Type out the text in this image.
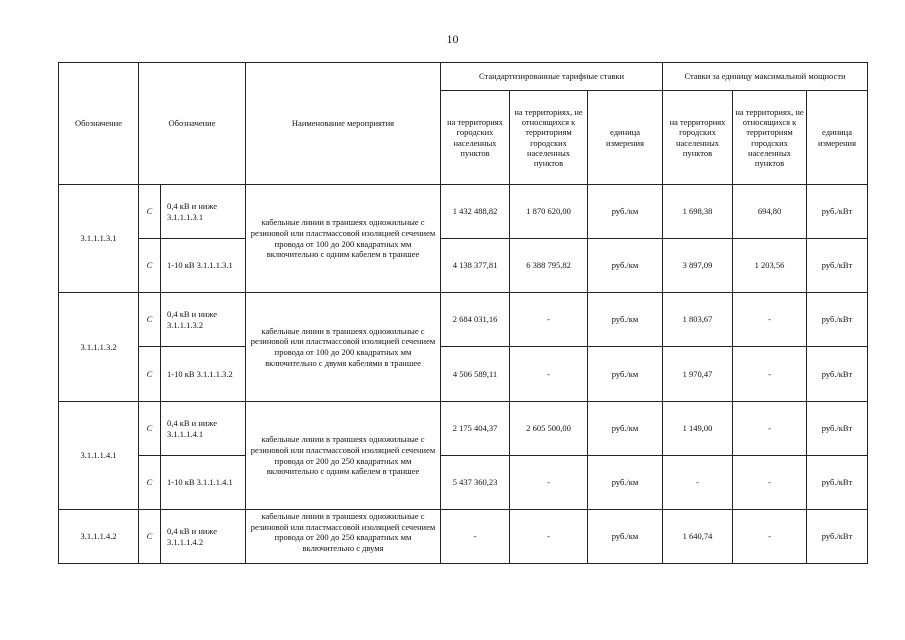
10
Обозначение	Обозначение		Наименование мероприятия	Стандартизированные тарифные ставки			Ставки за единицу максимальной мощности		
				на территориях городских населенных пунктов	на территориях, не относящихся к территориям городских населенных пунктов	единица измерения	на территориях городских населенных пунктов	на территориях, не относящихся к территориям городских населенных пунктов	единица измерения
3.1.1.1.3.1	С	0,4 кВ и ниже 3.1.1.1.3.1	кабельные линии в траншеях одножильные с резиновой или пластмассовой изоляцией сечением провода от 100 до 200 квадратных мм включительно с одним кабелем в траншее	1 432 488,82	1 870 620,00	руб./км	1 698,38	694,80	руб./кВт
	С	1-10 кВ 3.1.1.1.3.1		4 138 377,81	6 388 795,82	руб./км	3 897,09	1 203,56	руб./кВт
3.1.1.1.3.2	С	0,4 кВ и ниже 3.1.1.1.3.2	кабельные линии в траншеях одножильные с резиновой или пластмассовой изоляцией сечением провода от 100 до 200 квадратных мм включительно с двумя кабелями в траншее	2 684 031,16	-	руб./км	1 803,67	-	руб./кВт
	С	1-10 кВ 3.1.1.1.3.2		4 506 589,11	-	руб./км	1 970,47	-	руб./кВт
3.1.1.1.4.1	С	0,4 кВ и ниже 3.1.1.1.4.1	кабельные линии в траншеях одножильные с резиновой или пластмассовой изоляцией сечением провода от 200 до 250 квадратных мм включительно с одним кабелем в траншее	2 175 404,37	2 605 500,00	руб./км	1 149,00	-	руб./кВт
	С	1-10 кВ 3.1.1.1.4.1		5 437 360,23	-	руб./км	-	-	руб./кВт
3.1.1.1.4.2	С	0,4 кВ и ниже 3.1.1.1.4.2	кабельные линии в траншеях одножильные с резиновой или пластмассовой изоляцией сечением провода от 200 до 250 квадратных мм включительно с двумя	-	-	руб./км	1 640,74	-	руб./кВт
